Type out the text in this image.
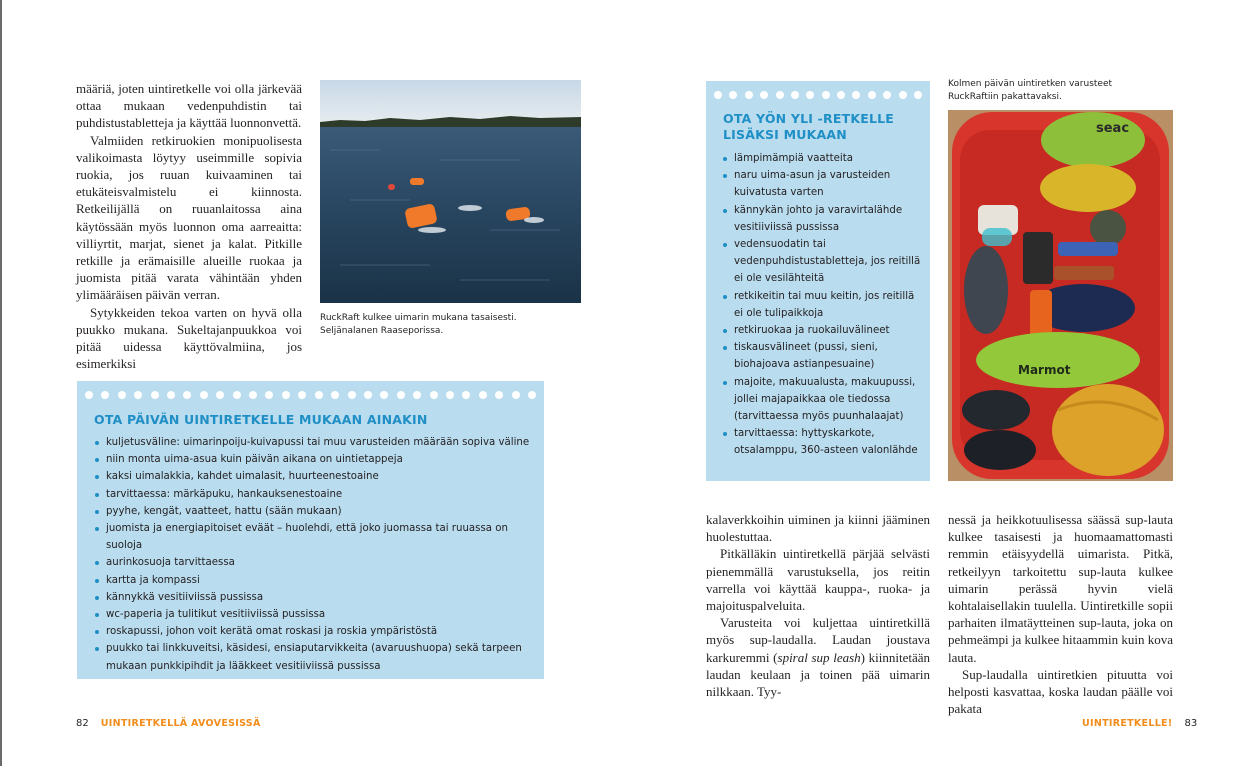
määriä, joten uintiretkelle voi olla järkevää ottaa mukaan vedenpuhdistin tai puhdistustabletteja ja käyttää luonnonvettä.

Valmiiden retkiruokien monipuolisesta valikoimasta löytyy useimmille sopivia ruokia, jos ruuan kuivaaminen tai etukäteisvalmistelu ei kiinnosta. Retkeilijällä on ruuanlaitossa aina käytössään myös luonnon oma aarreaitta: villiyrtit, marjat, sienet ja kalat. Pitkille retkille ja erämaisille alueille ruokaa ja juomista pitää varata vähintään yhden ylimääräisen päivän verran.

Sytykkeiden tekoa varten on hyvä olla puukko mukana. Sukeltajanpuukkoa voi pitää uidessa käyttövalmiina, jos esimerkiksi

RuckRaft kulkee uimarin mukana tasaisesti. Seljänalanen Raaseporissa.
OTA PÄIVÄN UINTIRETKELLE MUKAAN AINAKIN
kuljetusväline: uimarinpoiju-kuivapussi tai muu varusteiden määrään sopiva väline
niin monta uima-asua kuin päivän aikana on uintietappeja
kaksi uimalakkia, kahdet uimalasit, huurteenestoaine
tarvittaessa: märkäpuku, hankauksenestoaine
pyyhe, kengät, vaatteet, hattu (sään mukaan)
juomista ja energiapitoiset eväät – huolehdi, että joko juomassa tai ruuassa on suoloja
aurinkosuoja tarvittaessa
kartta ja kompassi
kännykkä vesitiiviissä pussissa
wc-paperia ja tulitikut vesitiiviissä pussissa
roskapussi, johon voit kerätä omat roskasi ja roskia ympäristöstä
puukko tai linkkuveitsi, käsidesi, ensiaputarvikkeita (avaruushuopa) sekä tarpeen mukaan punkkipihdit ja lääkkeet vesitiiviissä pussissa
82 UINTIRETKELLÄ AVOVESISSÄ
OTA YÖN YLI -RETKELLE LISÄKSI MUKAAN
lämpimämpiä vaatteita
naru uima-asun ja varusteiden kuivatusta varten
kännykän johto ja varavirtalähde vesitiiviissä pussissa
vedensuodatin tai vedenpuhdistustabletteja, jos reitillä ei ole vesilähteitä
retkikeitin tai muu keitin, jos reitillä ei ole tulipaikkoja
retkiruokaa ja ruokailuvälineet
tiskausvälineet (pussi, sieni, biohajoava astianpesuaine)
majoite, makuualusta, makuupussi, jollei majapaikkaa ole tiedossa (tarvittaessa myös puunhalaajat)
tarvittaessa: hyttyskarkote, otsalamppu, 360-asteen valonlähde
Kolmen päivän uintiretken varusteet RuckRaftiin pakattavaksi.
Marmot
seac

kalaverkkoihin uiminen ja kiinni jääminen huolestuttaa.

Pitkälläkin uintiretkellä pärjää selvästi pienemmällä varustuksella, jos reitin varrella voi käyttää kauppa-, ruoka- ja majoituspalveluita.

Varusteita voi kuljettaa uintiretkillä myös sup-laudalla. Laudan joustava karkuremmi (spiral sup leash) kiinnitetään laudan keulaan ja toinen pää uimarin nilkkaan. Tyy-

nessä ja heikkotuulisessa säässä sup-lauta kulkee tasaisesti ja huomaamattomasti remmin etäisyydellä uimarista. Pitkä, retkeilyyn tarkoitettu sup-lauta kulkee uimarin perässä hyvin vielä kohtalaisellakin tuulella. Uintiretkille sopii parhaiten ilmatäytteinen sup-lauta, joka on pehmeämpi ja kulkee hitaammin kuin kova lauta.

Sup-laudalla uintiretkien pituutta voi helposti kasvattaa, koska laudan päälle voi pakata

UINTIRETKELLE! 83
